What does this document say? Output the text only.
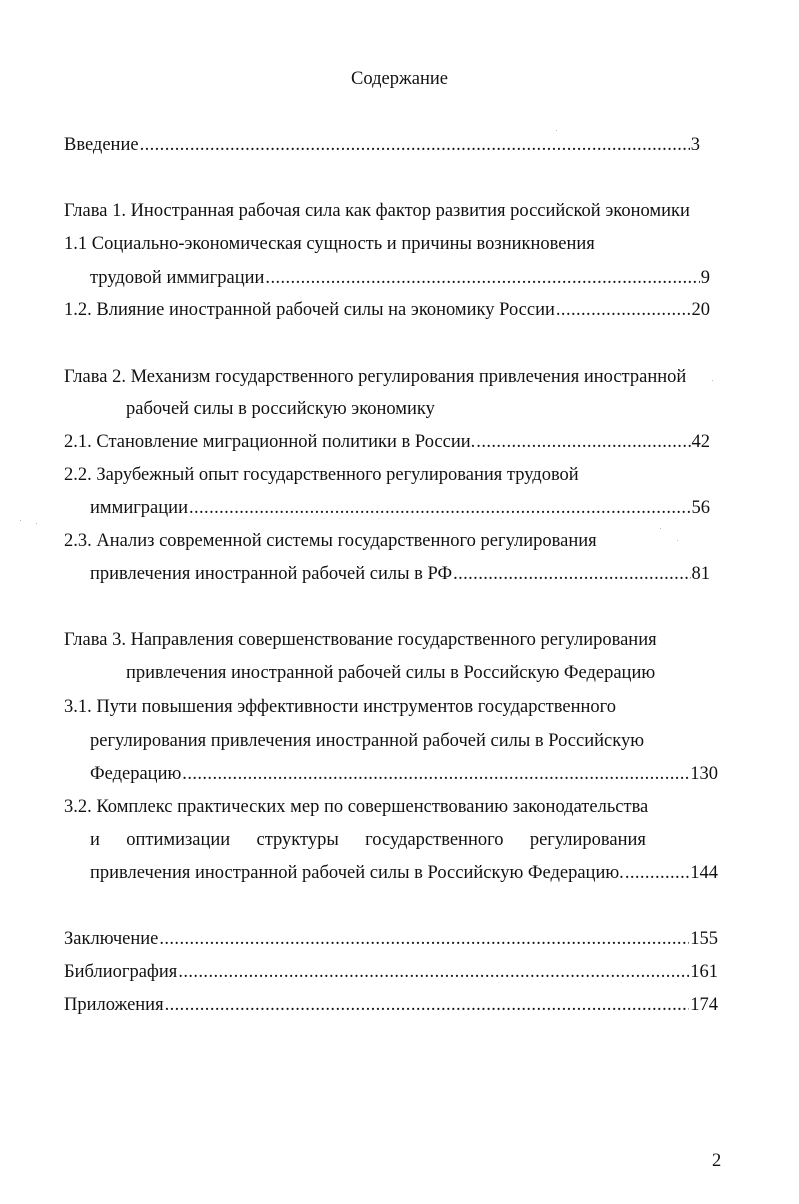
Содержание
Введение .....	3
Глава 1. Иностранная рабочая сила как фактор развития российской экономики
1.1 Социально-экономическая сущность и причины возникновения
трудовой иммиграции .....	9
1.2. Влияние иностранной рабочей силы на экономику России .....	20
Глава 2. Механизм государственного регулирования привлечения иностранной
рабочей силы в российскую экономику
2.1. Становление миграционной политики в России. .....	42
2.2. Зарубежный опыт государственного регулирования трудовой
иммиграции .....	56
2.3. Анализ современной системы государственного регулирования
привлечения иностранной рабочей силы в РФ .....	81
Глава 3. Направления совершенствование государственного регулирования
привлечения иностранной рабочей силы в Российскую Федерацию
3.1. Пути повышения эффективности инструментов государственного
регулирования привлечения иностранной рабочей силы в Российскую
Федерацию .....	130
3.2. Комплекс практических мер по совершенствованию законодательства
и оптимизации структуры государственного регулирования
привлечения иностранной рабочей силы в Российскую Федерацию. .....	144
Заключение .....	155
Библиография .....	161
Приложения .....	174
2
